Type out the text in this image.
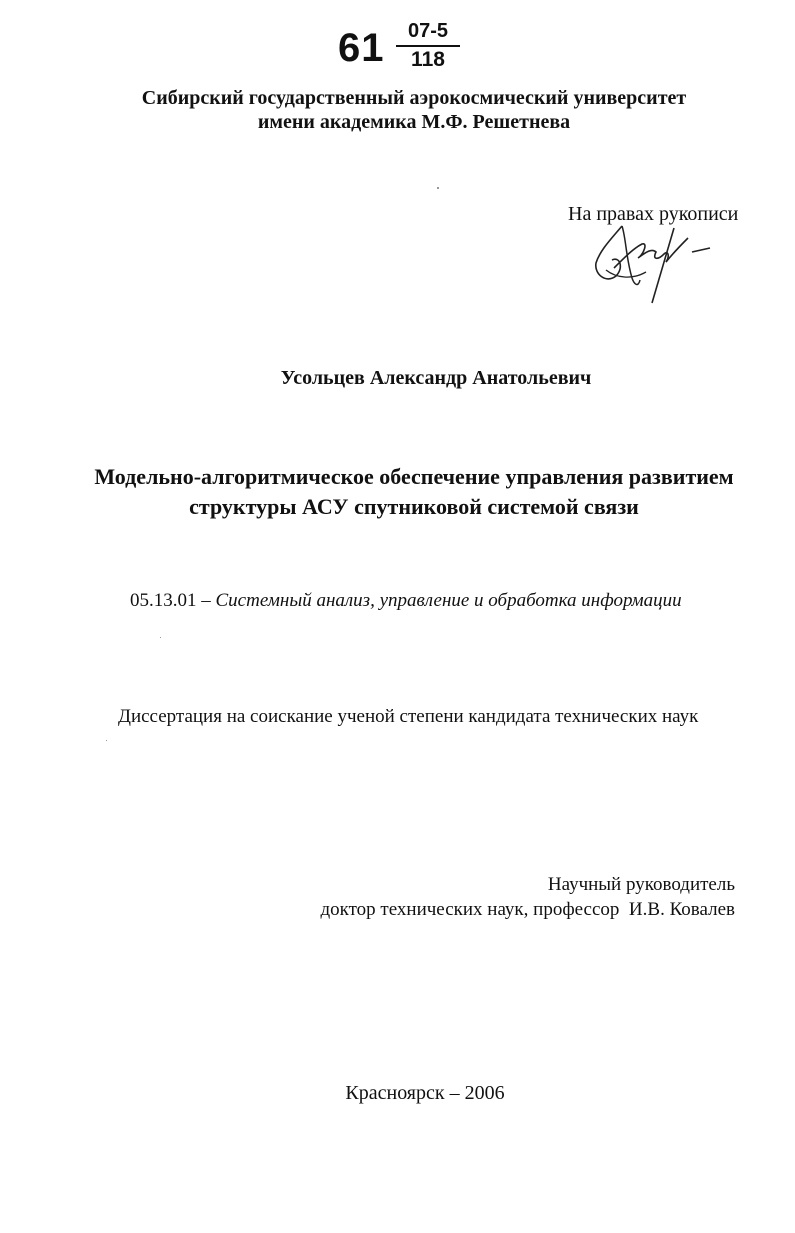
61	07-5
118
Сибирский государственный аэрокосмический университет
имени академика М.Ф. Решетнева
На правах рукописи
Усольцев Александр Анатольевич
Модельно-алгоритмическое обеспечение управления развитием
структуры АСУ спутниковой системой связи
05.13.01 – Системный анализ, управление и обработка информации
Диссертация на соискание ученой степени кандидата технических наук
Научный руководитель
доктор технических наук, профессор  И.В. Ковалев
Красноярск – 2006
